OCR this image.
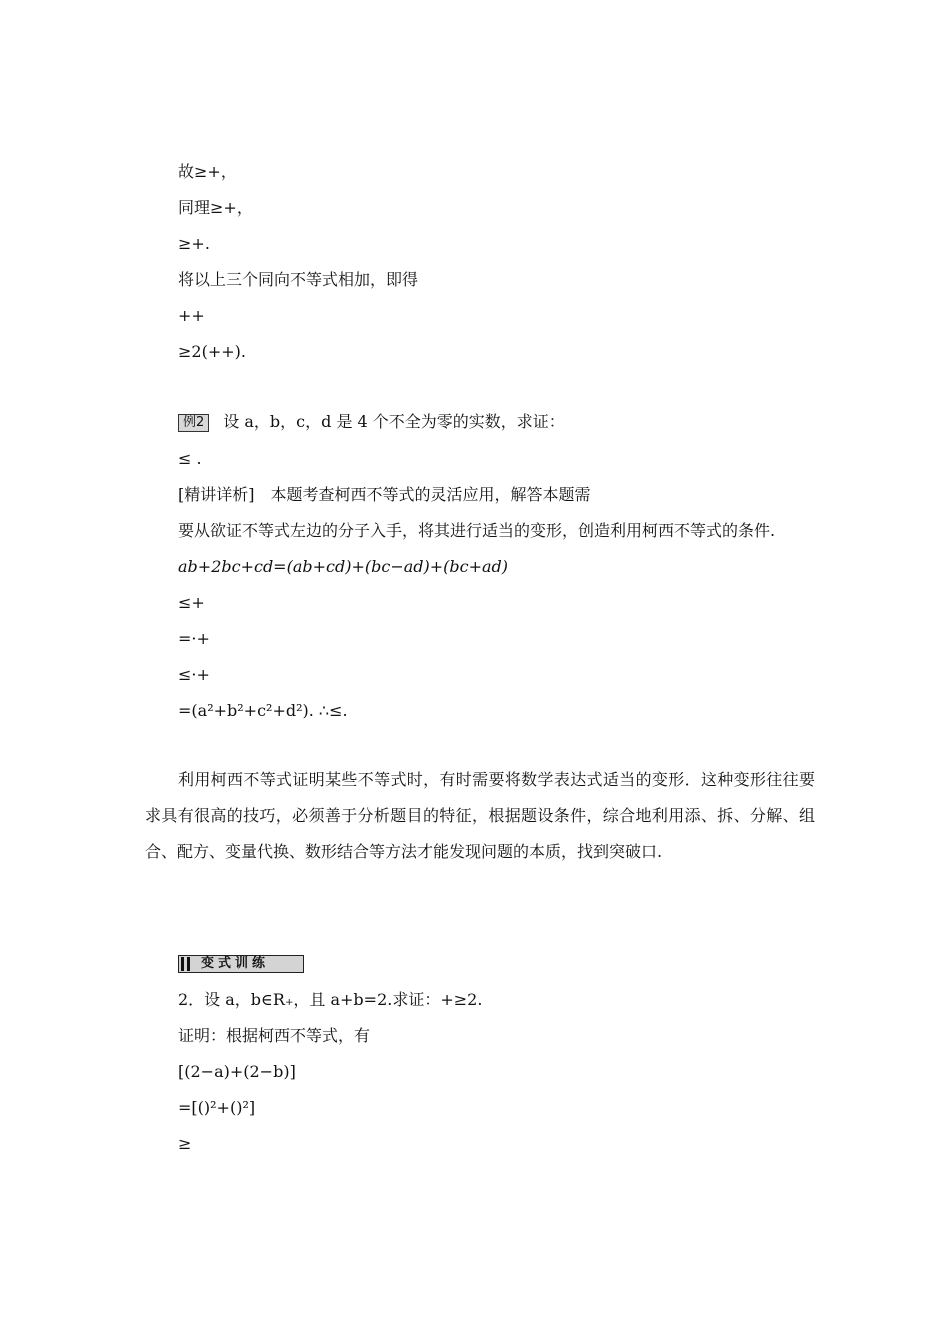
故≥+，
同理≥+，
≥+.
将以上三个同向不等式相加，即得
++
≥2(++).
例2 设 a，b，c，d 是 4 个不全为零的实数，求证：
≤ .
[精讲详析]　本题考查柯西不等式的灵活应用，解答本题需
要从欲证不等式左边的分子入手，将其进行适当的变形，创造利用柯西不等式的条件.
ab+2bc+cd=(ab+cd)+(bc−ad)+(bc+ad)
≤+
=·+
≤·+
=(a²+b²+c²+d²). ∴≤.
利用柯西不等式证明某些不等式时，有时需要将数学表达式适当的变形．这种变形往往要求具有很高的技巧，必须善于分析题目的特征，根据题设条件，综合地利用添、拆、分解、组合、配方、变量代换、数形结合等方法才能发现问题的本质，找到突破口.
变式训练
2．设 a，b∈R₊，且 a+b=2.求证：+≥2.
证明：根据柯西不等式，有
[(2−a)+(2−b)]
=[()²+()²]
≥
